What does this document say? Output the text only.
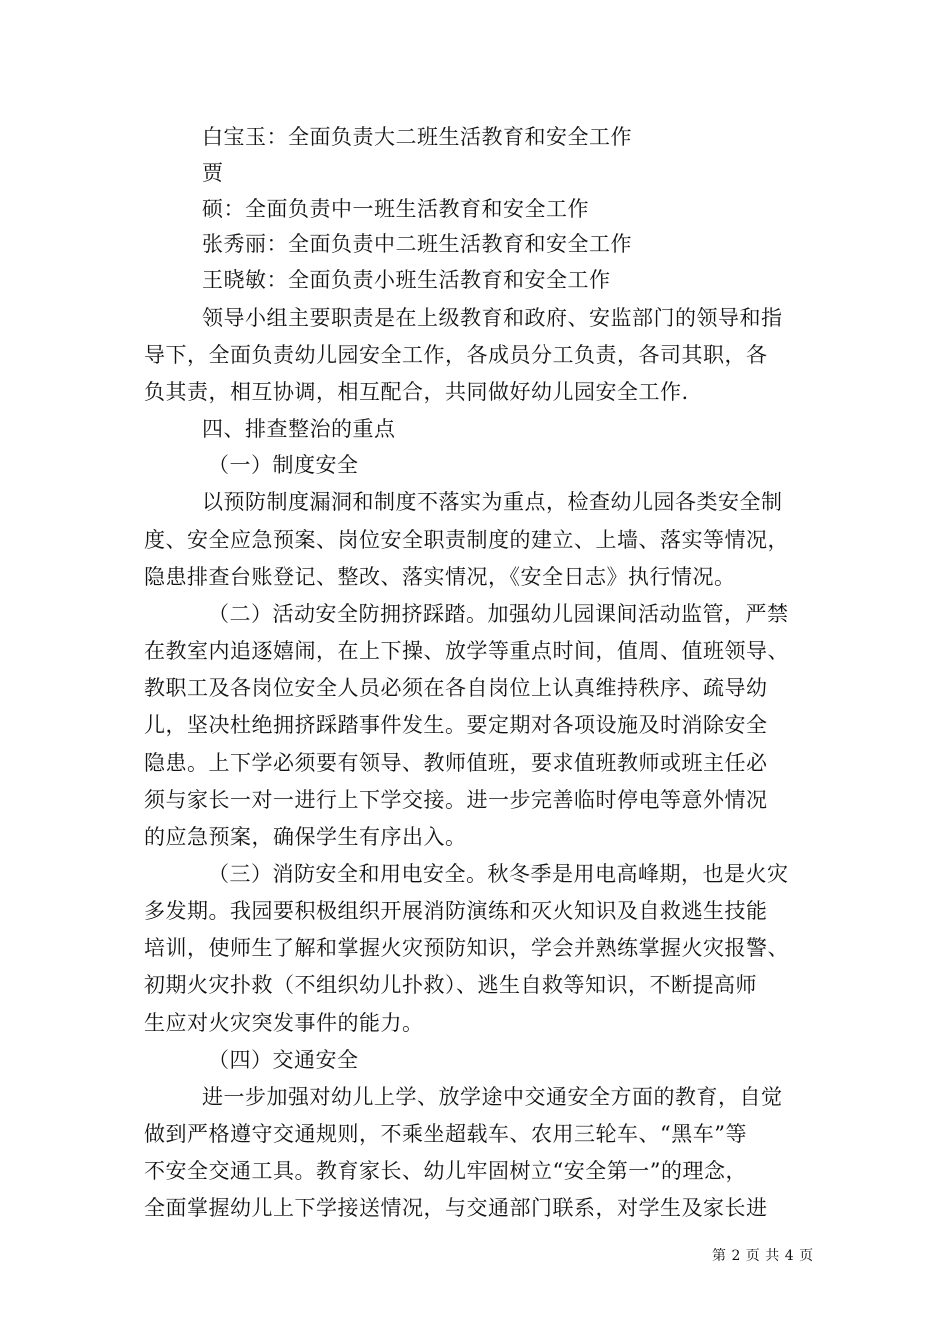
白宝玉：全面负责大二班生活教育和安全工作
贾
硕：全面负责中一班生活教育和安全工作
张秀丽：全面负责中二班生活教育和安全工作
王晓敏：全面负责小班生活教育和安全工作
领导小组主要职责是在上级教育和政府、安监部门的领导和指
导下，全面负责幼儿园安全工作，各成员分工负责，各司其职，各
负其责，相互协调，相互配合，共同做好幼儿园安全工作.
四、排查整治的重点
（一）制度安全
以预防制度漏洞和制度不落实为重点，检查幼儿园各类安全制
度、安全应急预案、岗位安全职责制度的建立、上墙、落实等情况，
隐患排查台账登记、整改、落实情况，《安全日志》执行情况。
（二）活动安全防拥挤踩踏。加强幼儿园课间活动监管，严禁
在教室内追逐嬉闹，在上下操、放学等重点时间，值周、值班领导、
教职工及各岗位安全人员必须在各自岗位上认真维持秩序、疏导幼
儿，坚决杜绝拥挤踩踏事件发生。要定期对各项设施及时消除安全
隐患。上下学必须要有领导、教师值班，要求值班教师或班主任必
须与家长一对一进行上下学交接。进一步完善临时停电等意外情况
的应急预案，确保学生有序出入。
（三）消防安全和用电安全。秋冬季是用电高峰期，也是火灾
多发期。我园要积极组织开展消防演练和灭火知识及自救逃生技能
培训，使师生了解和掌握火灾预防知识，学会并熟练掌握火灾报警、
初期火灾扑救（不组织幼儿扑救）、逃生自救等知识，不断提高师
生应对火灾突发事件的能力。
（四）交通安全
进一步加强对幼儿上学、放学途中交通安全方面的教育，自觉
做到严格遵守交通规则，不乘坐超载车、农用三轮车、“黑车”等
不安全交通工具。教育家长、幼儿牢固树立“安全第一”的理念，
全面掌握幼儿上下学接送情况，与交通部门联系，对学生及家长进
第 2 页 共 4 页
